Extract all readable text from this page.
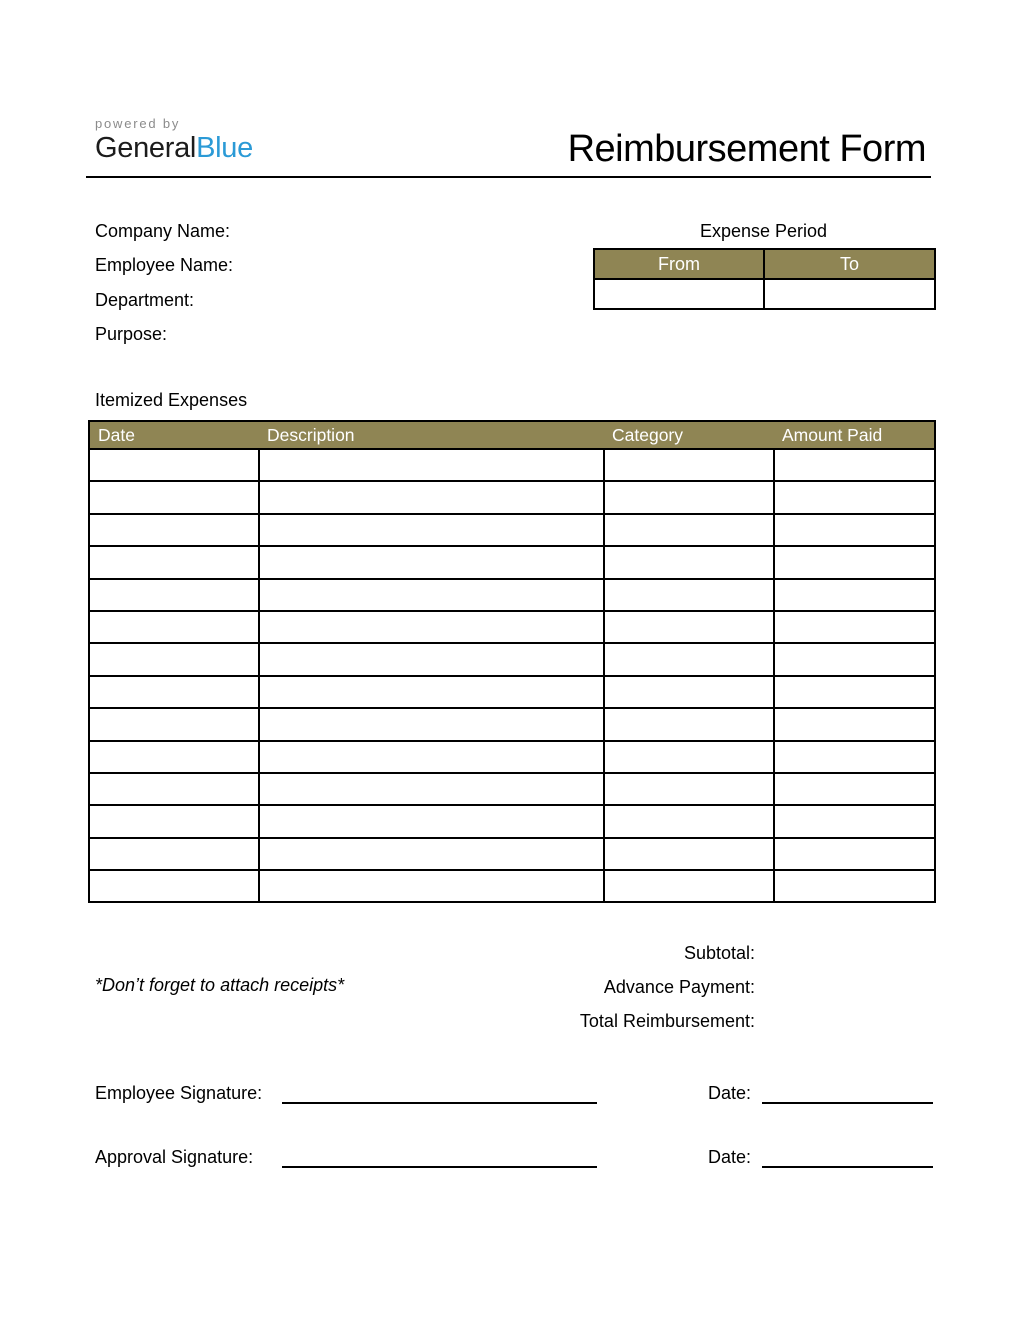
powered by
GeneralBlue	Reimbursement Form
Company Name:
Employee Name:
Department:
Purpose:
Expense Period
From	To

Itemized Expenses
Date	Description	Category	Amount Paid

Subtotal:
Advance Payment:
Total Reimbursement:
*Don’t forget to attach receipts*
Employee Signature:	Date:
Approval Signature:	Date:
